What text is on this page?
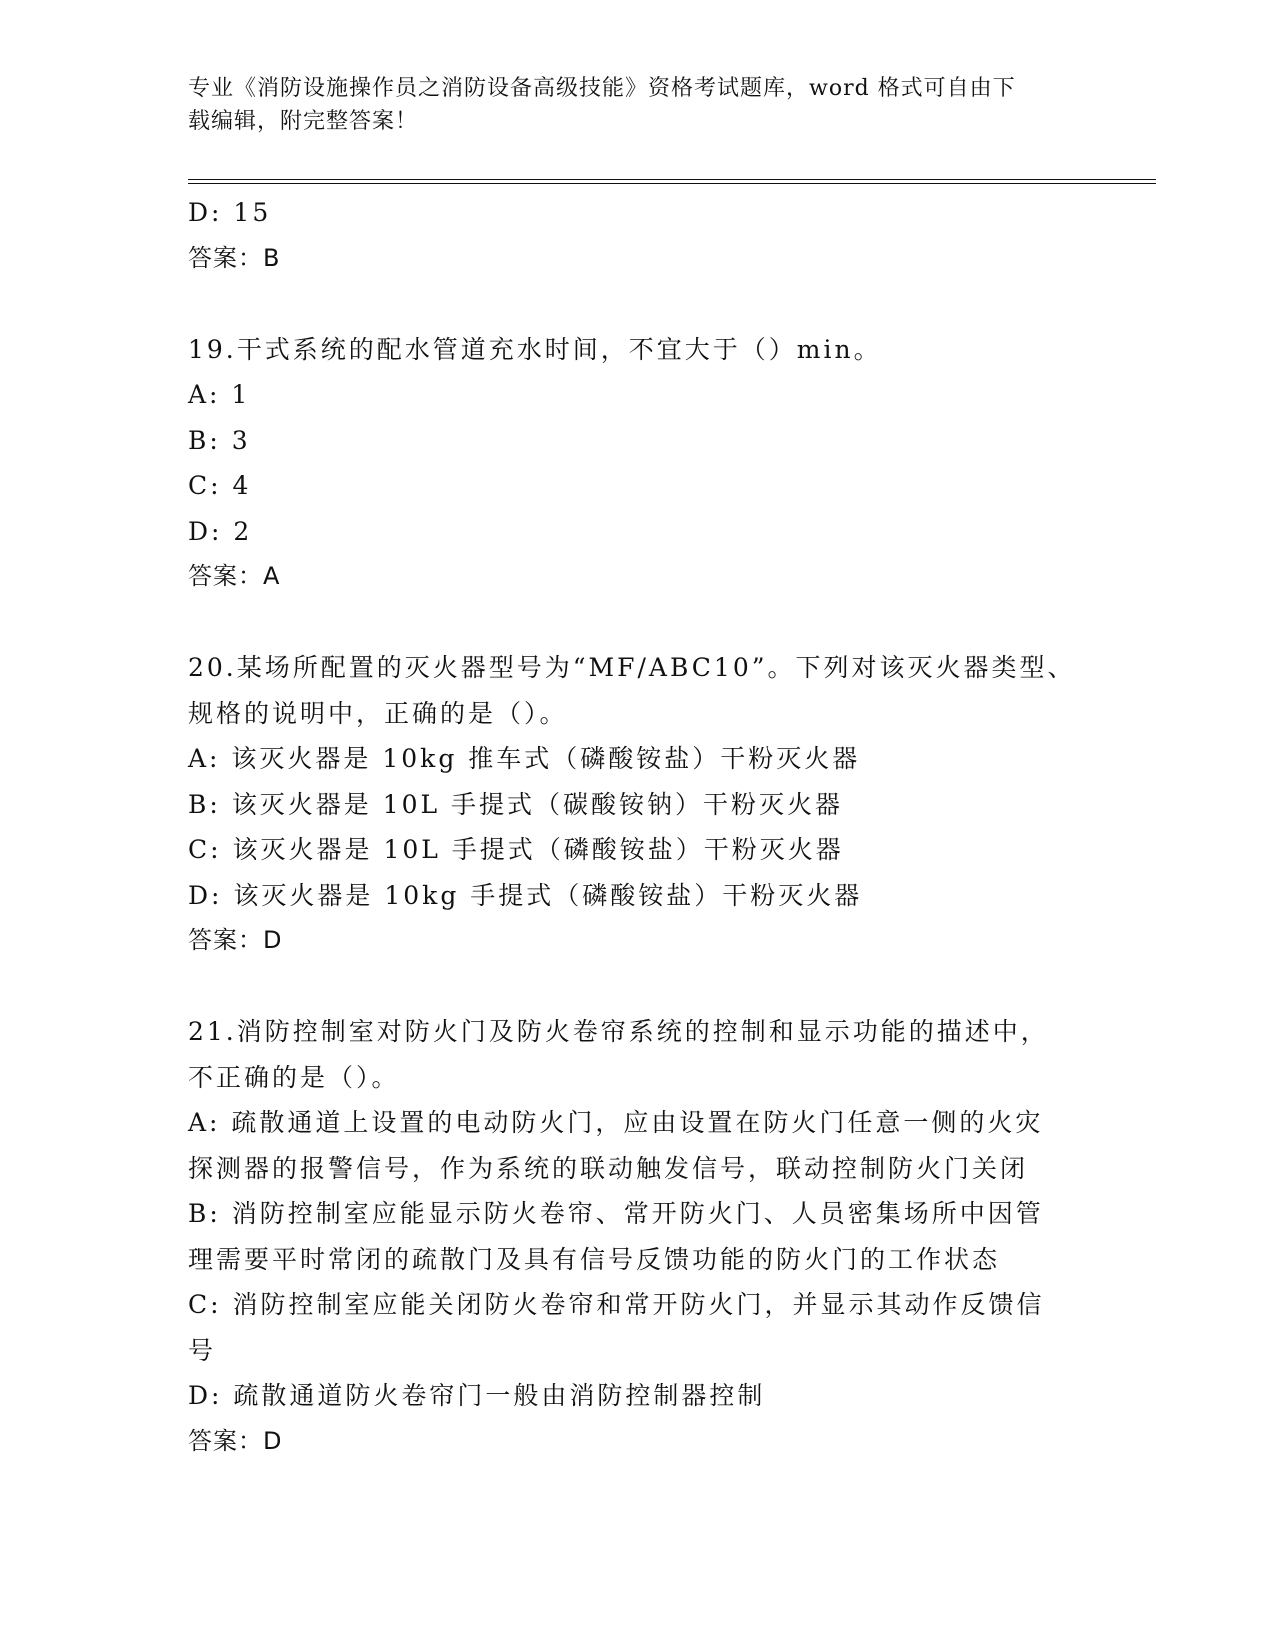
专业《消防设施操作员之消防设备高级技能》资格考试题库，word 格式可自由下
载编辑，附完整答案！
D: 15
答案：B
19.干式系统的配水管道充水时间，不宜大于（）min。
A: 1
B: 3
C: 4
D: 2
答案：A
20.某场所配置的灭火器型号为“MF/ABC10”。下列对该灭火器类型、
规格的说明中，正确的是（）。
A: 该灭火器是 10kg 推车式（磷酸铵盐）干粉灭火器
B: 该灭火器是 10L 手提式（碳酸铵钠）干粉灭火器
C: 该灭火器是 10L 手提式（磷酸铵盐）干粉灭火器
D: 该灭火器是 10kg 手提式（磷酸铵盐）干粉灭火器
答案：D
21.消防控制室对防火门及防火卷帘系统的控制和显示功能的描述中，
不正确的是（）。
A: 疏散通道上设置的电动防火门，应由设置在防火门任意一侧的火灾
探测器的报警信号，作为系统的联动触发信号，联动控制防火门关闭
B: 消防控制室应能显示防火卷帘、常开防火门、人员密集场所中因管
理需要平时常闭的疏散门及具有信号反馈功能的防火门的工作状态
C: 消防控制室应能关闭防火卷帘和常开防火门，并显示其动作反馈信
号
D: 疏散通道防火卷帘门一般由消防控制器控制
答案：D
